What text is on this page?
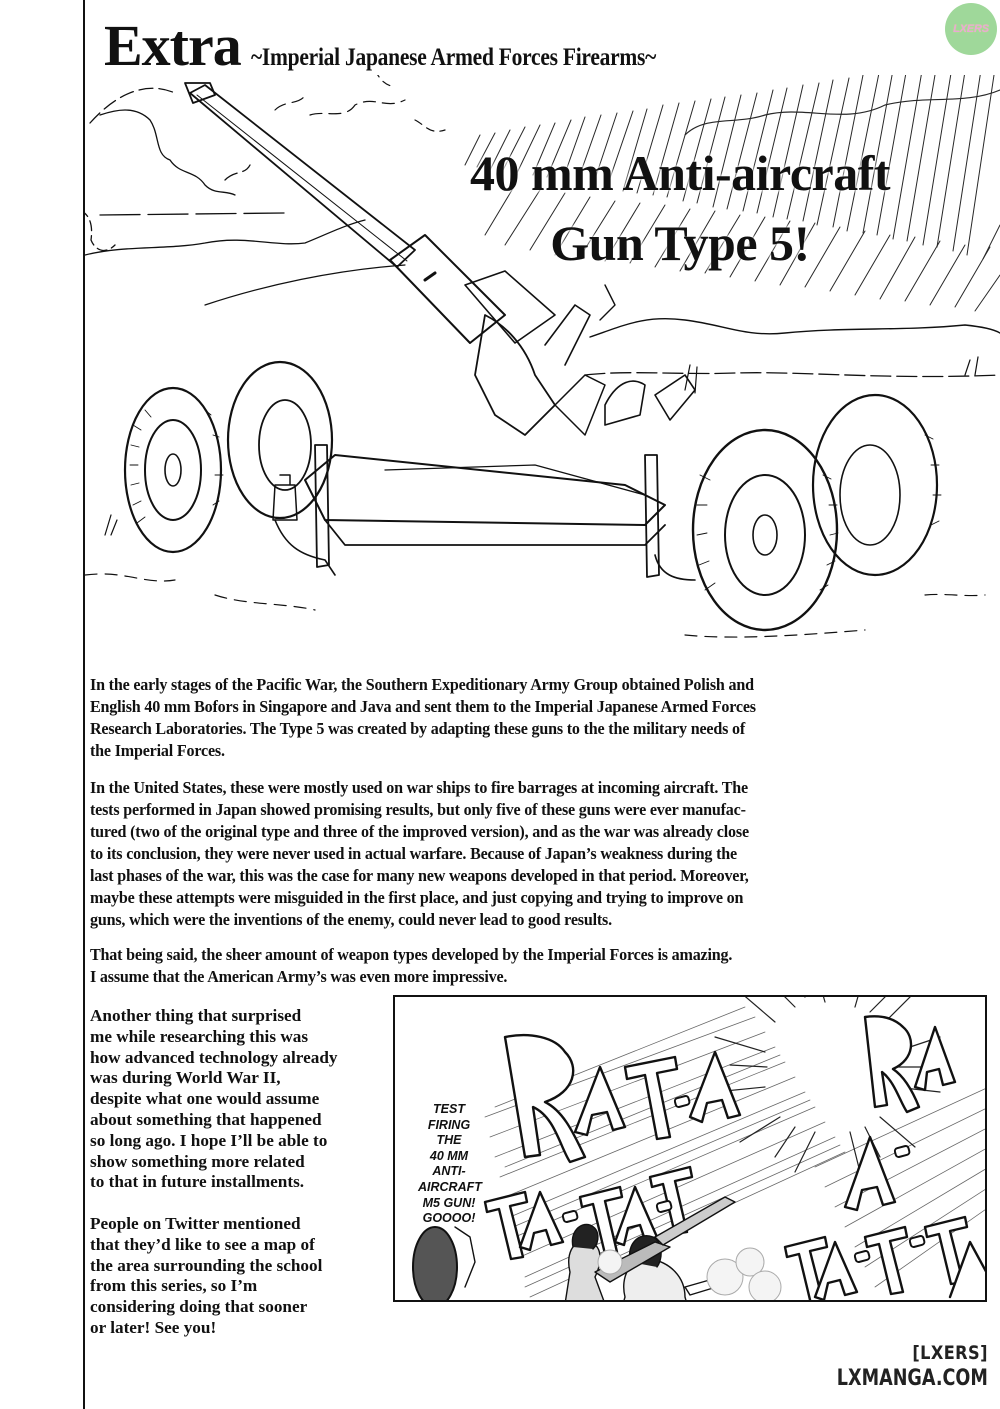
Extra ~Imperial Japanese Armed Forces Firearms~
LXERS
40 mm Anti-aircraft
Gun Type 5!
In the early stages of the Pacific War, the Southern Expeditionary Army Group obtained Polish and
English 40 mm Bofors in Singapore and Java and sent them to the Imperial Japanese Armed Forces
Research Laboratories. The Type 5 was created by adapting these guns to the the military needs of
the Imperial Forces.
In the United States, these were mostly used on war ships to fire barrages at incoming aircraft. The
tests performed in Japan showed promising results, but only five of these guns were ever manufac-
tured (two of the original type and three of the improved version), and as the war was already close
to its conclusion, they were never used in actual warfare. Because of Japan’s weakness during the
last phases of the war, this was the case for many new weapons developed in that period. Moreover,
maybe these attempts were misguided in the first place, and just copying and trying to improve on
guns, which were the inventions of the enemy, could never lead to good results.
That being said, the sheer amount of weapon types developed by the Imperial Forces is amazing.
I assume that the American Army’s was even more impressive.
Another thing that surprised
me while researching this was
how advanced technology already
was during World War II,
despite what one would assume
about something that happened
so long ago. I hope I’ll be able to
show something more related
to that in future installments.
People on Twitter mentioned
that they’d like to see a map of
the area surrounding the school
from this series, so I’m
considering doing that sooner
or later! See you!
TEST
FIRING
THE
40 MM
ANTI-
AIRCRAFT
M5 GUN!
GOOOO!
[LXERS]
LXMANGA.COM
